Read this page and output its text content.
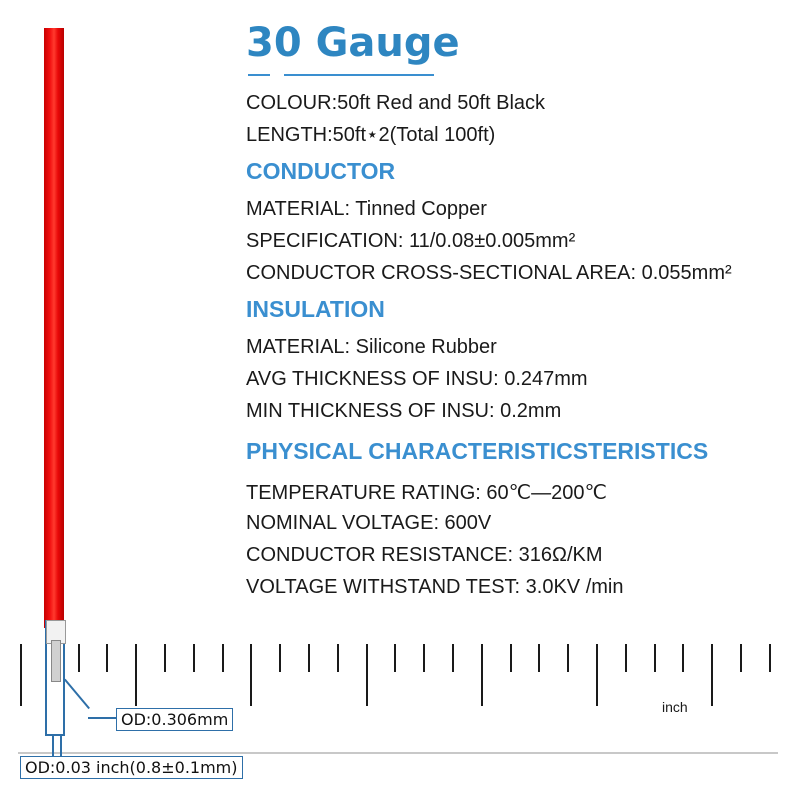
30 Gauge
COLOUR:50ft Red and 50ft Black
LENGTH:50ft⋆2(Total 100ft)
CONDUCTOR
MATERIAL: Tinned Copper
SPECIFICATION: 11/0.08±0.005mm²
CONDUCTOR CROSS-SECTIONAL AREA: 0.055mm²
INSULATION
MATERIAL: Silicone Rubber
AVG THICKNESS OF INSU: 0.247mm
MIN THICKNESS OF INSU: 0.2mm
PHYSICAL CHARACTERISTICSTERISTICS
TEMPERATURE RATING: 60℃—200℃
NOMINAL VOLTAGE: 600V
CONDUCTOR RESISTANCE: 316Ω/KM
VOLTAGE WITHSTAND TEST: 3.0KV /min
inch
OD:0.306mm
OD:0.03 inch(0.8±0.1mm)
